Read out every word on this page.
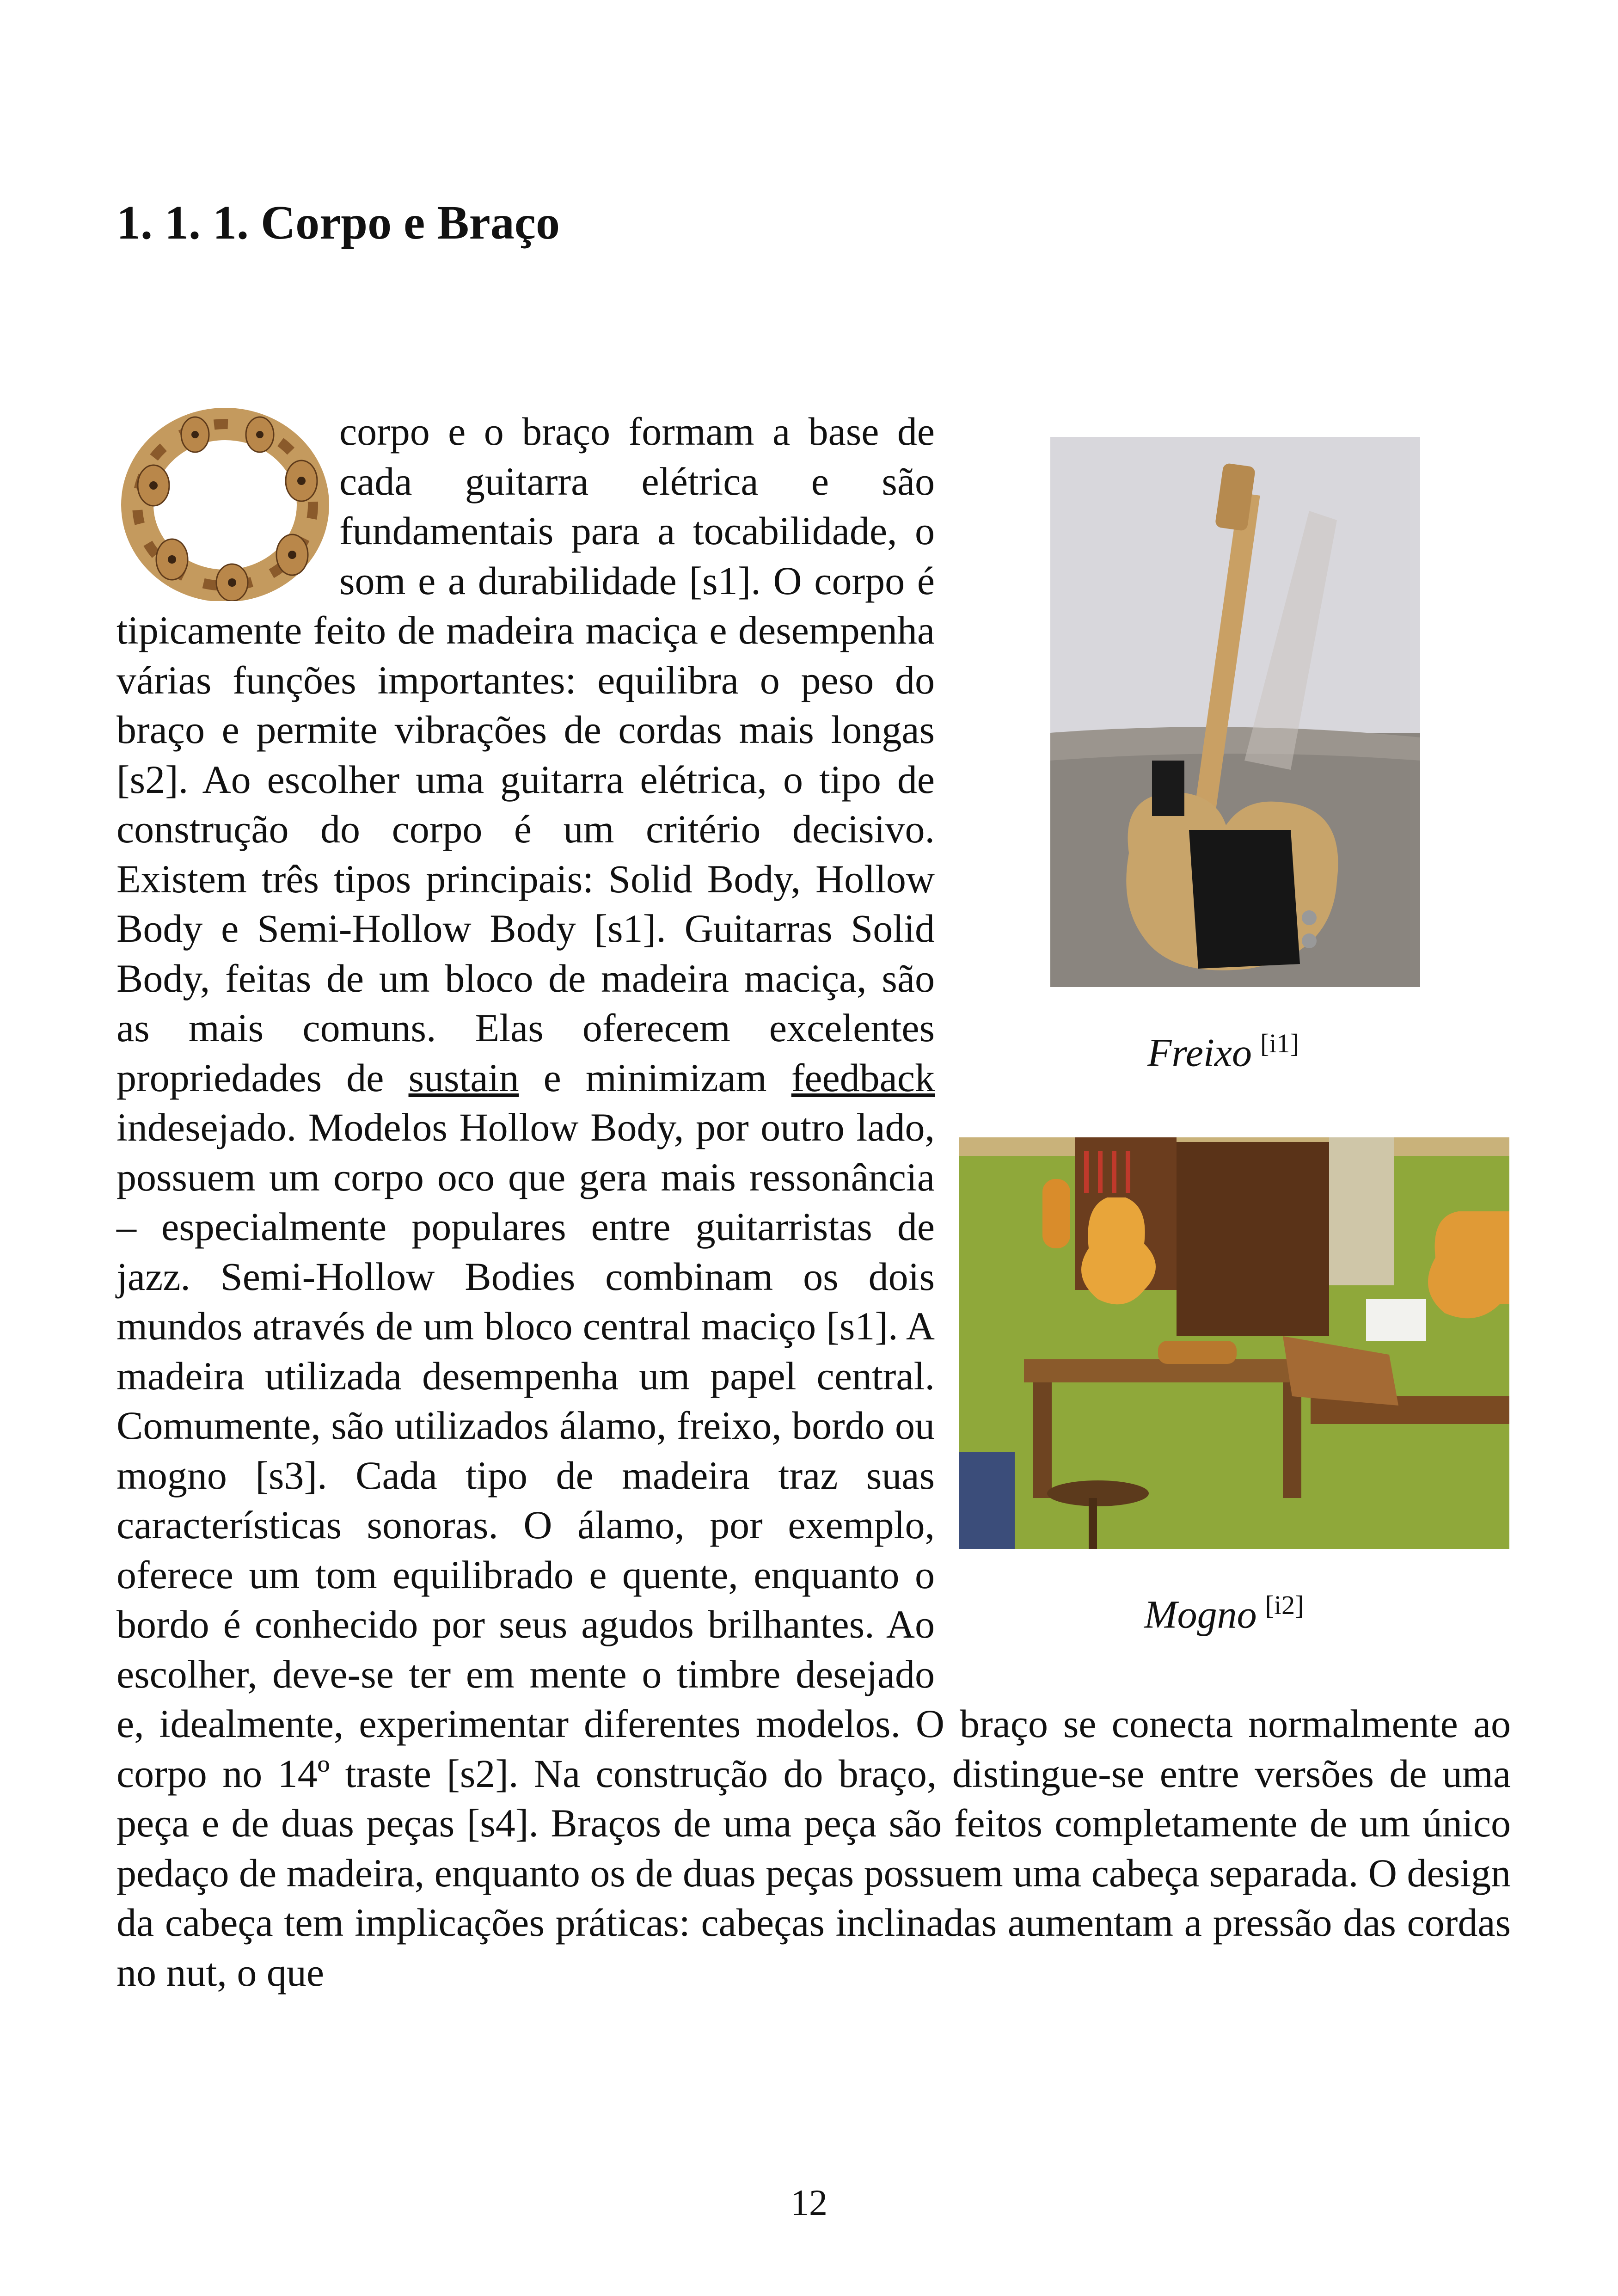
1. 1. 1. Corpo e Braço
Freixo [i1]
Mogno [i2]

corpo e o braço formam a base de cada guitarra elétrica e são fundamentais para a tocabilidade, o som e a durabilidade [s1]. O corpo é tipicamente feito de madeira maciça e desempenha várias funções importantes: equilibra o peso do braço e permite vibrações de cordas mais longas [s2]. Ao escolher uma guitarra elétrica, o tipo de construção do corpo é um critério decisivo. Existem três tipos principais: Solid Body, Hollow Body e Semi-Hollow Body [s1]. Guitarras Solid Body, feitas de um bloco de madeira maciça, são as mais comuns. Elas oferecem excelentes propriedades de sustain e minimizam feedback indesejado. Modelos Hollow Body, por outro lado, possuem um corpo oco que gera mais ressonância – especialmente populares entre guitarristas de jazz. Semi-Hollow Bodies combinam os dois mundos através de um bloco central maciço [s1]. A madeira utilizada desempenha um papel central. Comumente, são utilizados álamo, freixo, bordo ou mogno [s3]. Cada tipo de madeira traz suas características sonoras. O álamo, por exemplo, oferece um tom equilibrado e quente, enquanto o bordo é conhecido por seus agudos brilhantes. Ao escolher, deve-se ter em mente o timbre desejado e, idealmente, experimentar diferentes modelos. O braço se conecta normalmente ao corpo no 14º traste [s2]. Na construção do braço, distingue-se entre versões de uma peça e de duas peças [s4]. Braços de uma peça são feitos completamente de um único pedaço de madeira, enquanto os de duas peças possuem uma cabeça separada. O design da cabeça tem implicações práticas: cabeças inclinadas aumentam a pressão das cordas no nut, o que

12
